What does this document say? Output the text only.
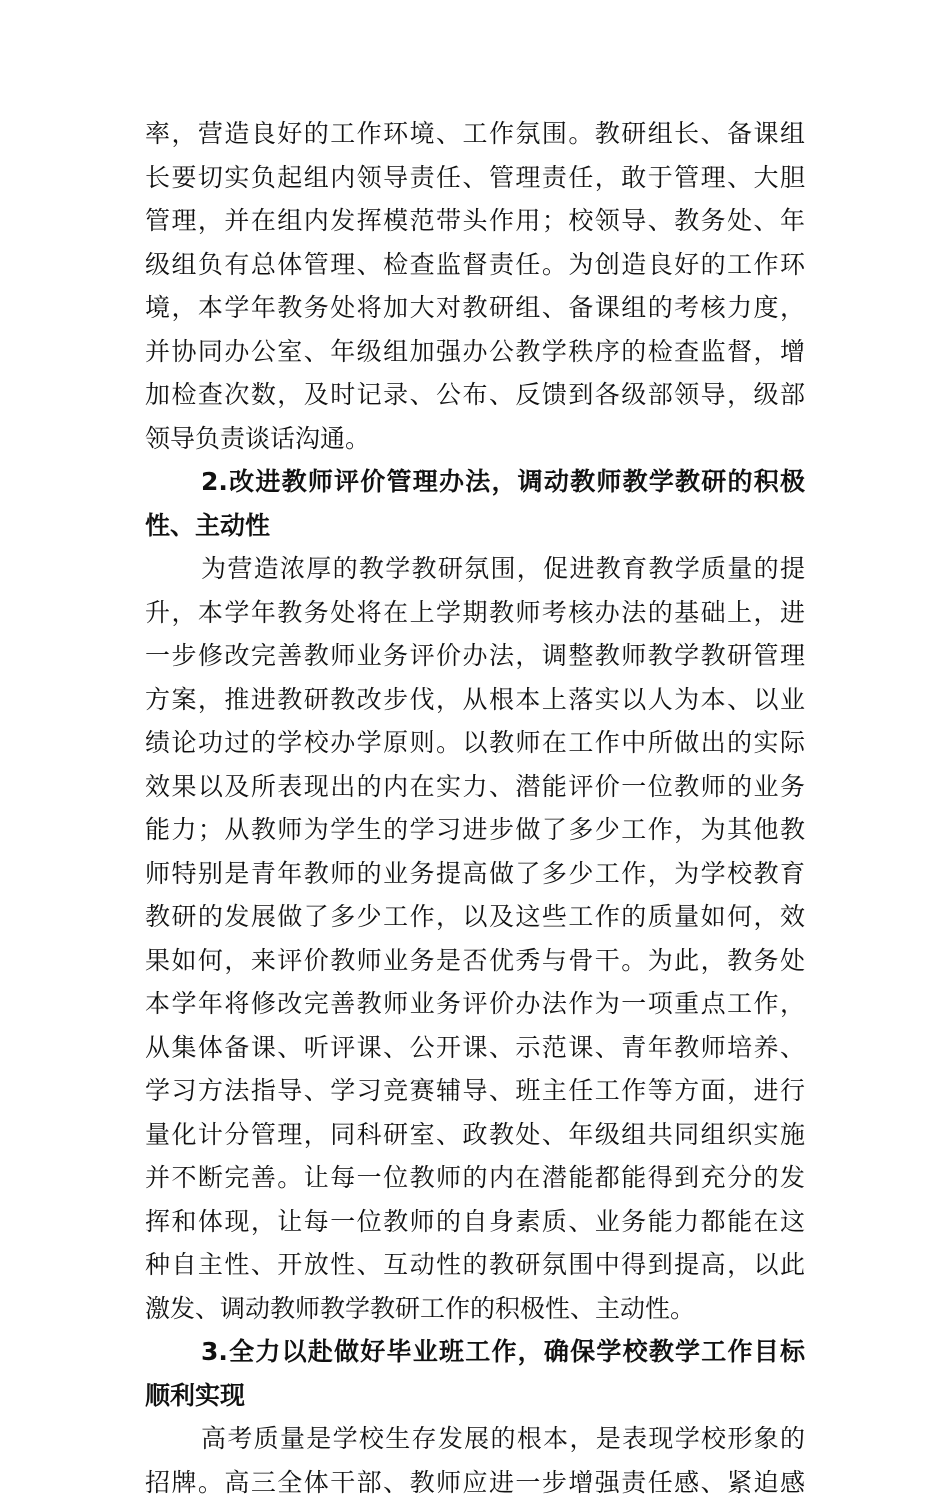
率，营造良好的工作环境、工作氛围。教研组长、备课组
长要切实负起组内领导责任、管理责任，敢于管理、大胆
管理，并在组内发挥模范带头作用；校领导、教务处、年
级组负有总体管理、检查监督责任。为创造良好的工作环
境，本学年教务处将加大对教研组、备课组的考核力度，
并协同办公室、年级组加强办公教学秩序的检查监督，增
加检查次数，及时记录、公布、反馈到各级部领导，级部
领导负责谈话沟通。
2.改进教师评价管理办法，调动教师教学教研的积极
性、主动性
为营造浓厚的教学教研氛围，促进教育教学质量的提
升，本学年教务处将在上学期教师考核办法的基础上，进
一步修改完善教师业务评价办法，调整教师教学教研管理
方案，推进教研教改步伐，从根本上落实以人为本、以业
绩论功过的学校办学原则。以教师在工作中所做出的实际
效果以及所表现出的内在实力、潜能评价一位教师的业务
能力；从教师为学生的学习进步做了多少工作，为其他教
师特别是青年教师的业务提高做了多少工作，为学校教育
教研的发展做了多少工作，以及这些工作的质量如何，效
果如何，来评价教师业务是否优秀与骨干。为此，教务处
本学年将修改完善教师业务评价办法作为一项重点工作，
从集体备课、听评课、公开课、示范课、青年教师培养、
学习方法指导、学习竞赛辅导、班主任工作等方面，进行
量化计分管理，同科研室、政教处、年级组共同组织实施
并不断完善。让每一位教师的内在潜能都能得到充分的发
挥和体现，让每一位教师的自身素质、业务能力都能在这
种自主性、开放性、互动性的教研氛围中得到提高，以此
激发、调动教师教学教研工作的积极性、主动性。
3.全力以赴做好毕业班工作，确保学校教学工作目标
顺利实现
高考质量是学校生存发展的根本，是表现学校形象的
招牌。高三全体干部、教师应进一步增强责任感、紧迫感
